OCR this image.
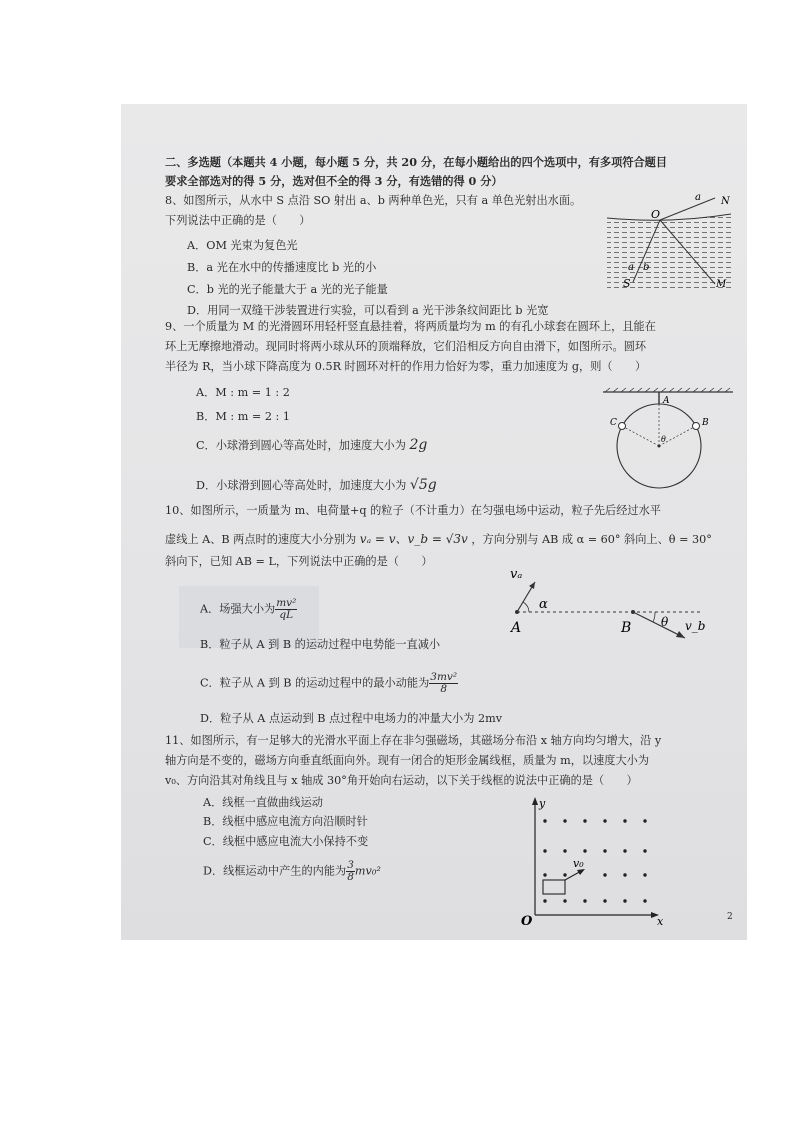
二、多选题（本题共 4 小题，每小题 5 分，共 20 分，在每小题给出的四个选项中，有多项符合题目
要求全部选对的得 5 分，选对但不全的得 3 分，有选错的得 0 分）
8、如图所示，从水中 S 点沿 SO 射出 a、b 两种单色光，只有 a 单色光射出水面。
下列说法中正确的是（　　）
A．OM 光束为复色光
B．a 光在水中的传播速度比 b 光的小
C．b 光的光子能量大于 a 光的光子能量
D．用同一双缝干涉装置进行实验，可以看到 a 光干涉条纹间距比 b 光宽
O
a N
a b
S	M
9、一个质量为 M 的光滑圆环用轻杆竖直悬挂着，将两质量均为 m 的有孔小球套在圆环上，且能在
环上无摩擦地滑动。现同时将两小球从环的顶端释放，它们沿相反方向自由滑下，如图所示。圆环
半径为 R，当小球下降高度为 0.5R 时圆环对杆的作用力恰好为零，重力加速度为 g，则（　　）
A．M : m = 1 : 2
B．M : m = 2 : 1
C．小球滑到圆心等高处时，加速度大小为 2g
D．小球滑到圆心等高处时，加速度大小为 √5g
A
C	B
θ
10、如图所示，一质量为 m、电荷量+q 的粒子（不计重力）在匀强电场中运动，粒子先后经过水平
虚线上 A、B 两点时的速度大小分别为 vₐ = v、v_b = √3v ，方向分别与 AB 成 α = 60° 斜向上、θ = 30°
斜向下，已知 AB = L，下列说法中正确的是（　　）
A．场强大小为 $\frac{\text{mv²}}{qL}$
B．粒子从 A 到 B 的运动过程中电势能一直减小
C．粒子从 A 到 B 的运动过程中的最小动能为 $\frac{\text{3mv²}}{8}$
D．粒子从 A 点运动到 B 点过程中电场力的冲量大小为 2mv
vₐ
α
A	B θ v_b
11、如图所示，有一足够大的光滑水平面上存在非匀强磁场，其磁场分布沿 x 轴方向均匀增大，沿 y
轴方向是不变的，磁场方向垂直纸面向外。现有一闭合的矩形金属线框，质量为 m，以速度大小为
v₀、方向沿其对角线且与 x 轴成 30°角开始向右运动，以下关于线框的说法中正确的是（　　）
A．线框一直做曲线运动
B．线框中感应电流方向沿顺时针
C．线框中感应电流大小保持不变
D．线框运动中产生的内能为 $\frac{3}{8} mv_0^2$
y
x
O
v₀
2
